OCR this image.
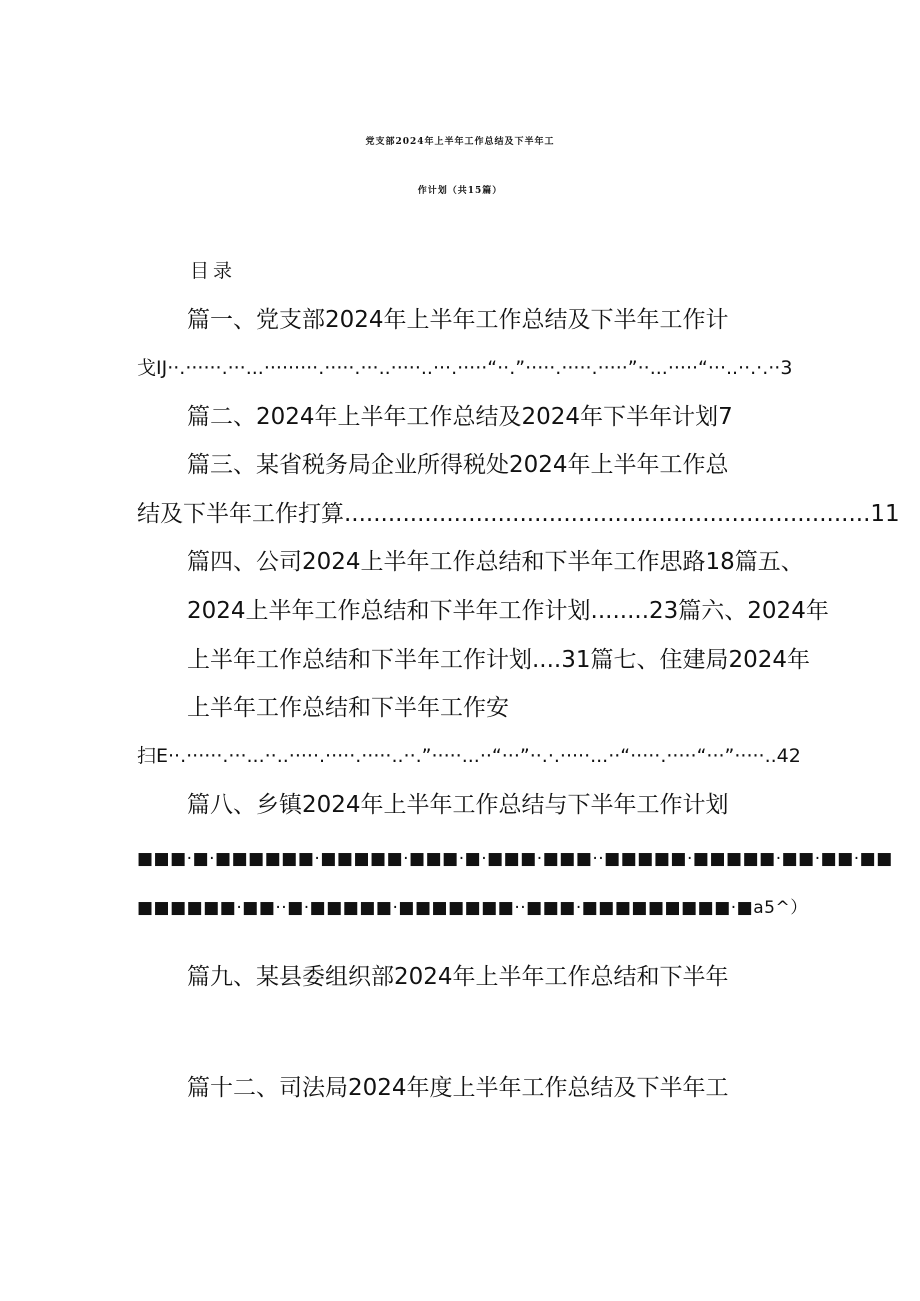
党支部2024年上半年工作总结及下半年工
作计划（共15篇）
目录
篇一、党支部2024年上半年工作总结及下半年工作计
戈IJ··.······.···...·········.·····.···..·····..···.·····“··.”·····.·····.·····”··...·····“···..··.·.··3
篇二、2024年上半年工作总结及2024年下半年计划7
篇三、某省税务局企业所得税处2024年上半年工作总
结及下半年工作打算........................................................................11
篇四、公司2024上半年工作总结和下半年工作思路18篇五、
2024上半年工作总结和下半年工作计划........23篇六、2024年
上半年工作总结和下半年工作计划....31篇七、住建局2024年
上半年工作总结和下半年工作安
扫E··.······.···...··..·····.·····.·····..··.”·····...··“···”··.·.·····...··“·····.·····“···”·····..42
篇八、乡镇2024年上半年工作总结与下半年工作计划
■■■·■·■■■■■■·■■■■■·■■■·■·■■■·■■■··■■■■■·■■■■■·■■·■■·■■
■■■■■■·■■··■·■■■■■·■■■■■■■··■■■·■■■■■■■■■·■a5^）
篇九、某县委组织部2024年上半年工作总结和下半年
篇十二、司法局2024年度上半年工作总结及下半年工
